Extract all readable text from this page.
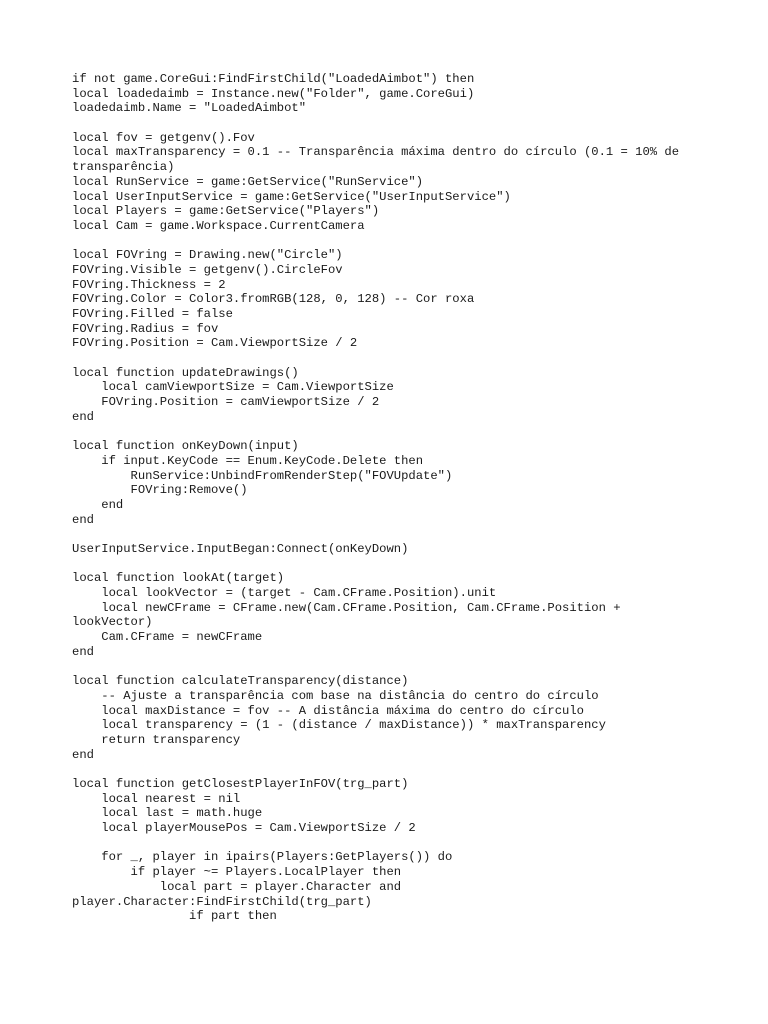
if not game.CoreGui:FindFirstChild("LoadedAimbot") then
local loadedaimb = Instance.new("Folder", game.CoreGui)
loadedaimb.Name = "LoadedAimbot"
local fov = getgenv().Fov
local maxTransparency = 0.1 -- Transparência máxima dentro do círculo (0.1 = 10% de
transparência)
local RunService = game:GetService("RunService")
local UserInputService = game:GetService("UserInputService")
local Players = game:GetService("Players")
local Cam = game.Workspace.CurrentCamera
local FOVring = Drawing.new("Circle")
FOVring.Visible = getgenv().CircleFov
FOVring.Thickness = 2
FOVring.Color = Color3.fromRGB(128, 0, 128) -- Cor roxa
FOVring.Filled = false
FOVring.Radius = fov
FOVring.Position = Cam.ViewportSize / 2
local function updateDrawings()
local camViewportSize = Cam.ViewportSize
FOVring.Position = camViewportSize / 2
end
local function onKeyDown(input)
if input.KeyCode == Enum.KeyCode.Delete then
RunService:UnbindFromRenderStep("FOVUpdate")
FOVring:Remove()
end
end
UserInputService.InputBegan:Connect(onKeyDown)
local function lookAt(target)
local lookVector = (target - Cam.CFrame.Position).unit
local newCFrame = CFrame.new(Cam.CFrame.Position, Cam.CFrame.Position +
lookVector)
Cam.CFrame = newCFrame
end
local function calculateTransparency(distance)
-- Ajuste a transparência com base na distância do centro do círculo
local maxDistance = fov -- A distância máxima do centro do círculo
local transparency = (1 - (distance / maxDistance)) * maxTransparency
return transparency
end
local function getClosestPlayerInFOV(trg_part)
local nearest = nil
local last = math.huge
local playerMousePos = Cam.ViewportSize / 2
for _, player in ipairs(Players:GetPlayers()) do
if player ~= Players.LocalPlayer then
local part = player.Character and
player.Character:FindFirstChild(trg_part)
if part then
